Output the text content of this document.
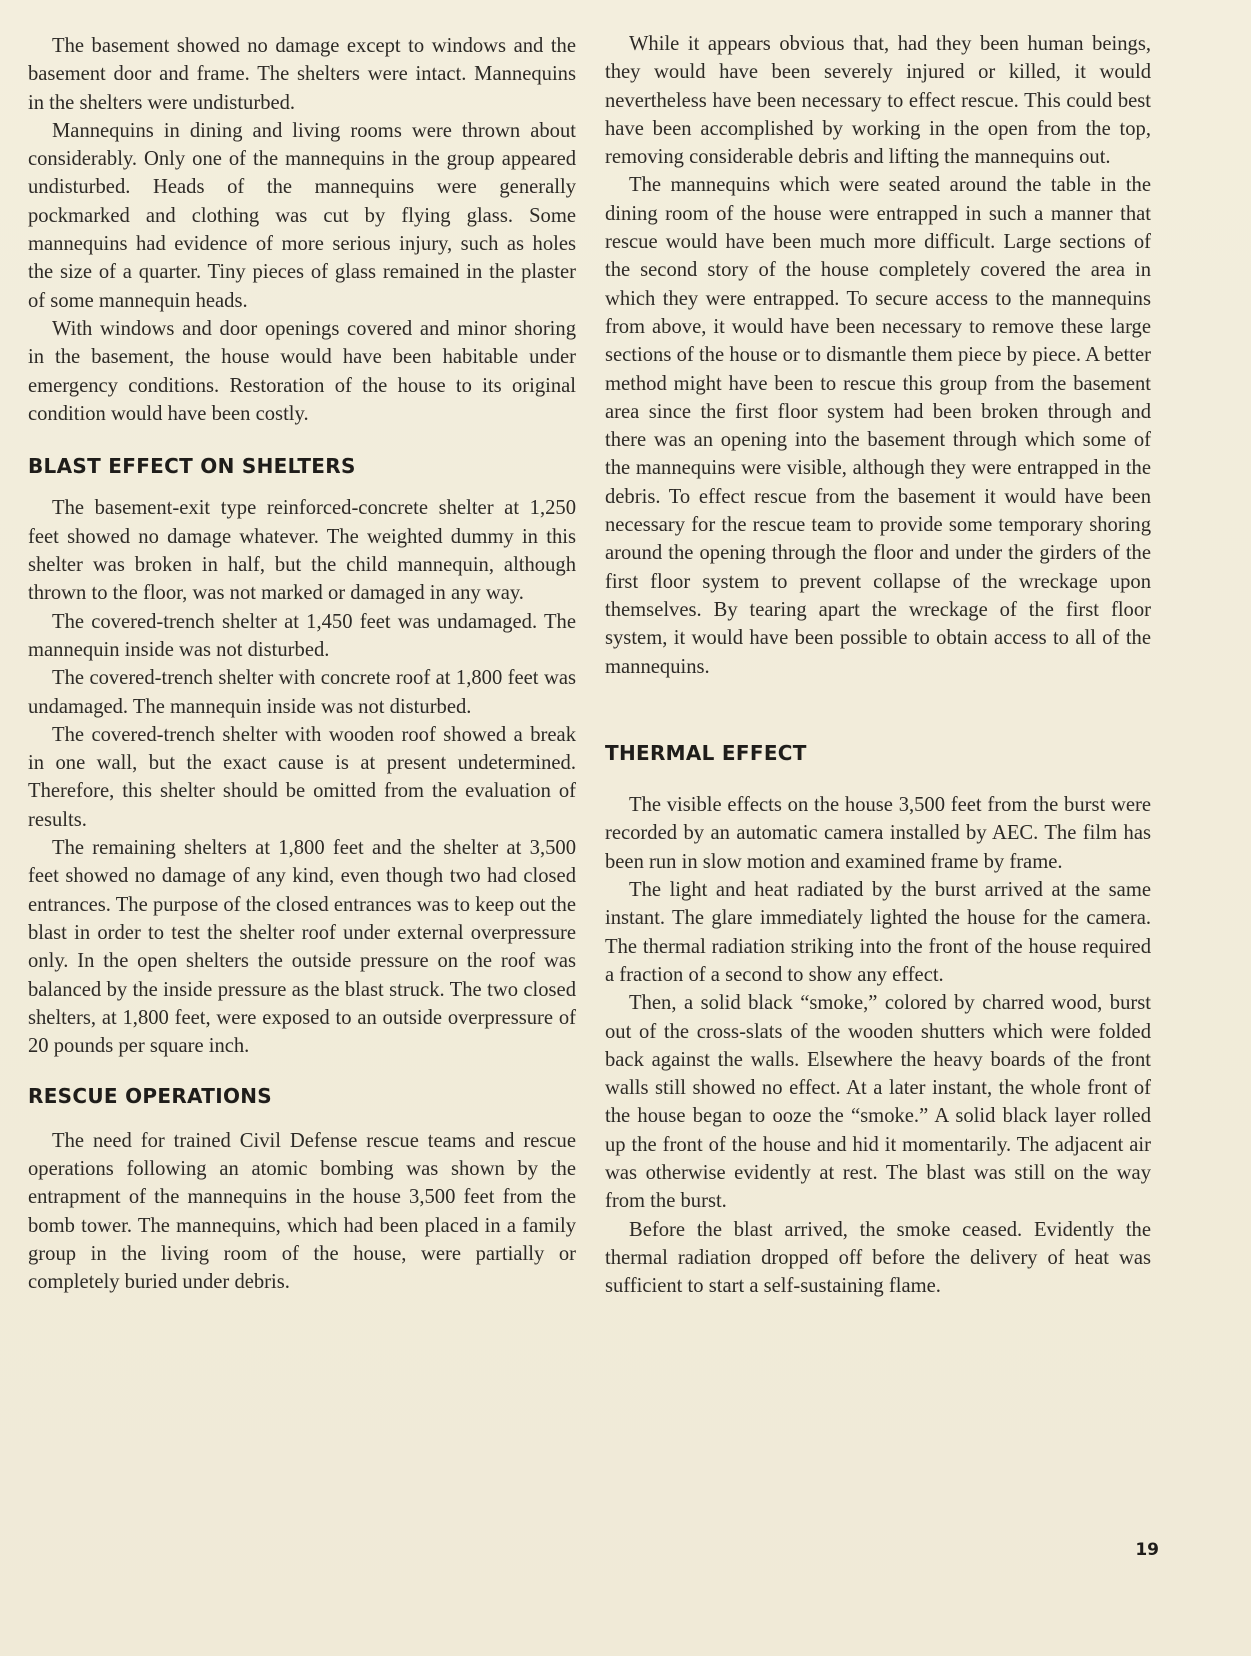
The basement showed no damage except to windows and the basement door and frame. The shelters were intact. Mannequins in the shelters were undisturbed.

Mannequins in dining and living rooms were thrown about considerably. Only one of the mannequins in the group appeared undisturbed. Heads of the mannequins were generally pockmarked and clothing was cut by flying glass. Some mannequins had evidence of more serious injury, such as holes the size of a quarter. Tiny pieces of glass remained in the plaster of some mannequin heads.

With windows and door openings covered and minor shoring in the basement, the house would have been habitable under emergency conditions. Restoration of the house to its original condition would have been costly.

BLAST EFFECT ON SHELTERS

The basement-exit type reinforced-concrete shelter at 1,250 feet showed no damage whatever. The weighted dummy in this shelter was broken in half, but the child mannequin, although thrown to the floor, was not marked or damaged in any way.

The covered-trench shelter at 1,450 feet was undamaged. The mannequin inside was not disturbed.

The covered-trench shelter with concrete roof at 1,800 feet was undamaged. The mannequin inside was not disturbed.

The covered-trench shelter with wooden roof showed a break in one wall, but the exact cause is at present undetermined. Therefore, this shelter should be omitted from the evaluation of results.

The remaining shelters at 1,800 feet and the shelter at 3,500 feet showed no damage of any kind, even though two had closed entrances. The purpose of the closed entrances was to keep out the blast in order to test the shelter roof under external overpressure only. In the open shelters the outside pressure on the roof was balanced by the inside pressure as the blast struck. The two closed shelters, at 1,800 feet, were exposed to an outside overpressure of 20 pounds per square inch.

RESCUE OPERATIONS

The need for trained Civil Defense rescue teams and rescue operations following an atomic bombing was shown by the entrapment of the mannequins in the house 3,500 feet from the bomb tower. The mannequins, which had been placed in a family group in the living room of the house, were partially or completely buried under debris.

While it appears obvious that, had they been human beings, they would have been severely injured or killed, it would nevertheless have been necessary to effect rescue. This could best have been accomplished by working in the open from the top, removing considerable debris and lifting the mannequins out.

The mannequins which were seated around the table in the dining room of the house were entrapped in such a manner that rescue would have been much more difficult. Large sections of the second story of the house completely covered the area in which they were entrapped. To secure access to the mannequins from above, it would have been necessary to remove these large sections of the house or to dismantle them piece by piece. A better method might have been to rescue this group from the basement area since the first floor system had been broken through and there was an opening into the basement through which some of the mannequins were visible, although they were entrapped in the debris. To effect rescue from the basement it would have been necessary for the rescue team to provide some temporary shoring around the opening through the floor and under the girders of the first floor system to prevent collapse of the wreckage upon themselves. By tearing apart the wreckage of the first floor system, it would have been possible to obtain access to all of the mannequins.

THERMAL EFFECT

The visible effects on the house 3,500 feet from the burst were recorded by an automatic camera installed by AEC. The film has been run in slow motion and examined frame by frame.

The light and heat radiated by the burst arrived at the same instant. The glare immediately lighted the house for the camera. The thermal radiation striking into the front of the house required a fraction of a second to show any effect.

Then, a solid black “smoke,” colored by charred wood, burst out of the cross-slats of the wooden shutters which were folded back against the walls. Elsewhere the heavy boards of the front walls still showed no effect. At a later instant, the whole front of the house began to ooze the “smoke.” A solid black layer rolled up the front of the house and hid it momentarily. The adjacent air was otherwise evidently at rest. The blast was still on the way from the burst.

Before the blast arrived, the smoke ceased. Evidently the thermal radiation dropped off before the delivery of heat was sufficient to start a self-sustaining flame.

19
